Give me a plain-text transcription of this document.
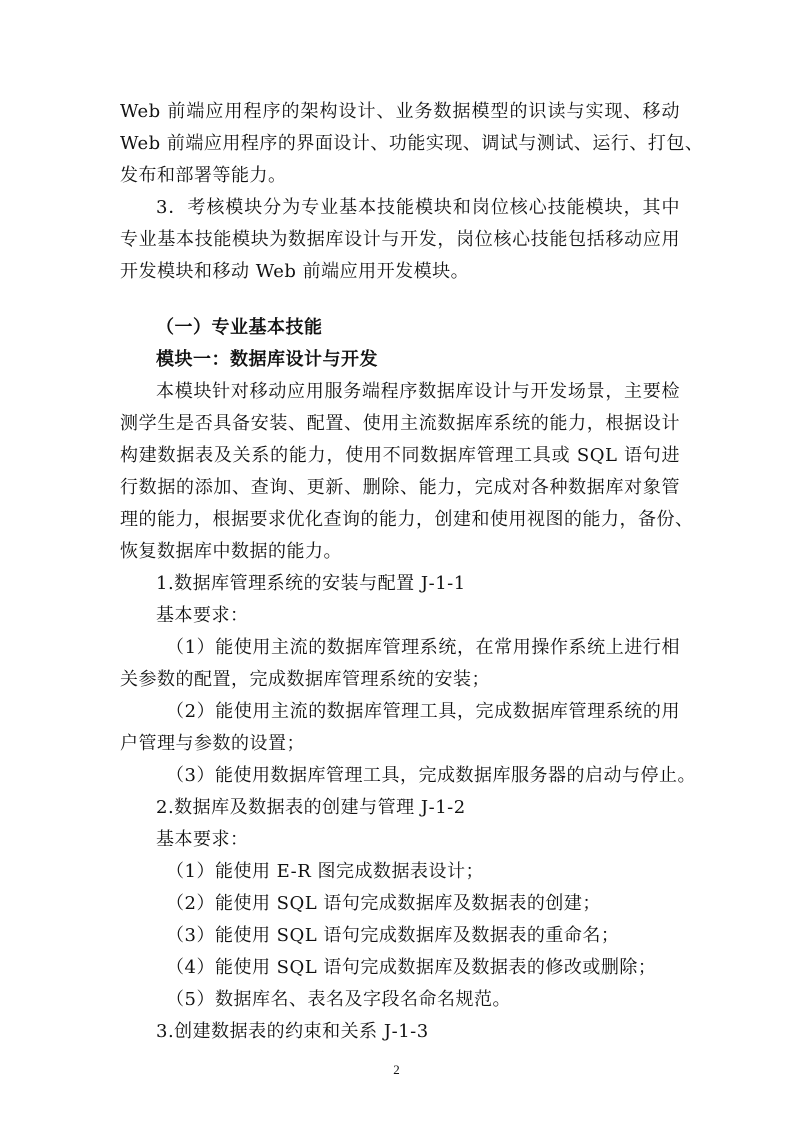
Web 前端应用程序的架构设计、业务数据模型的识读与实现、移动
Web 前端应用程序的界面设计、功能实现、调试与测试、运行、打包、
发布和部署等能力。
3．考核模块分为专业基本技能模块和岗位核心技能模块，其中
专业基本技能模块为数据库设计与开发，岗位核心技能包括移动应用
开发模块和移动 Web 前端应用开发模块。
（一）专业基本技能
模块一：数据库设计与开发
本模块针对移动应用服务端程序数据库设计与开发场景，主要检
测学生是否具备安装、配置、使用主流数据库系统的能力，根据设计
构建数据表及关系的能力，使用不同数据库管理工具或 SQL 语句进
行数据的添加、查询、更新、删除、能力，完成对各种数据库对象管
理的能力，根据要求优化查询的能力，创建和使用视图的能力，备份、
恢复数据库中数据的能力。
1.数据库管理系统的安装与配置 J-1-1
基本要求：
（1）能使用主流的数据库管理系统，在常用操作系统上进行相
关参数的配置，完成数据库管理系统的安装；
（2）能使用主流的数据库管理工具，完成数据库管理系统的用
户管理与参数的设置；
（3）能使用数据库管理工具，完成数据库服务器的启动与停止。
2.数据库及数据表的创建与管理 J-1-2
基本要求：
（1）能使用 E-R 图完成数据表设计；
（2）能使用 SQL 语句完成数据库及数据表的创建；
（3）能使用 SQL 语句完成数据库及数据表的重命名；
（4）能使用 SQL 语句完成数据库及数据表的修改或删除；
（5）数据库名、表名及字段名命名规范。
3.创建数据表的约束和关系 J-1-3
2
